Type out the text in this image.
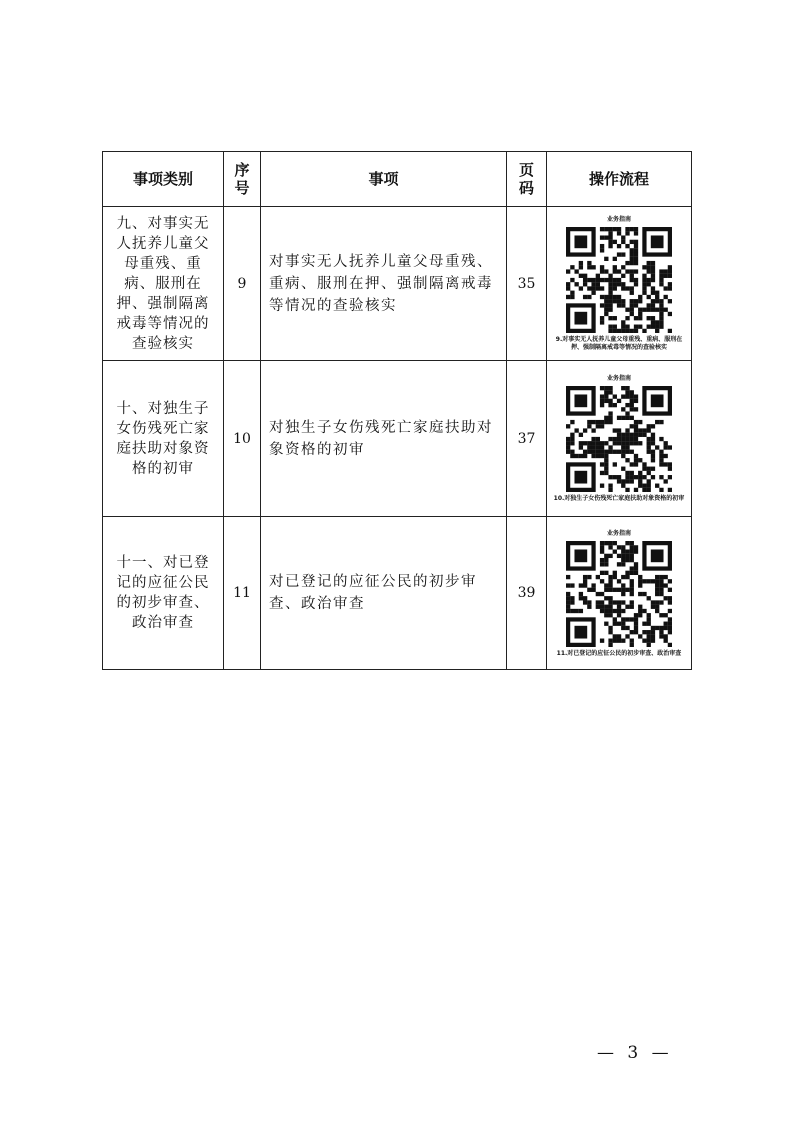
事项类别	序号	事项	页码	操作流程
九、对事实无人抚养儿童父母重残、重病、服刑在押、强制隔离戒毒等情况的查验核实	9	对事实无人抚养儿童父母重残、重病、服刑在押、强制隔离戒毒等情况的查验核实	35	业务指南
9.对事实无人抚养儿童父母重残、重病、服刑在押、强制隔离戒毒等情况的查验核实

十、对独生子女伤残死亡家庭扶助对象资格的初审	10	对独生子女伤残死亡家庭扶助对象资格的初审	37	业务指南
10.对独生子女伤残死亡家庭扶助对象资格的初审

十一、对已登记的应征公民的初步审查、政治审查	11	对已登记的应征公民的初步审查、政治审查	39	业务指南
11.对已登记的应征公民的初步审查、政治审查
— 3 —
